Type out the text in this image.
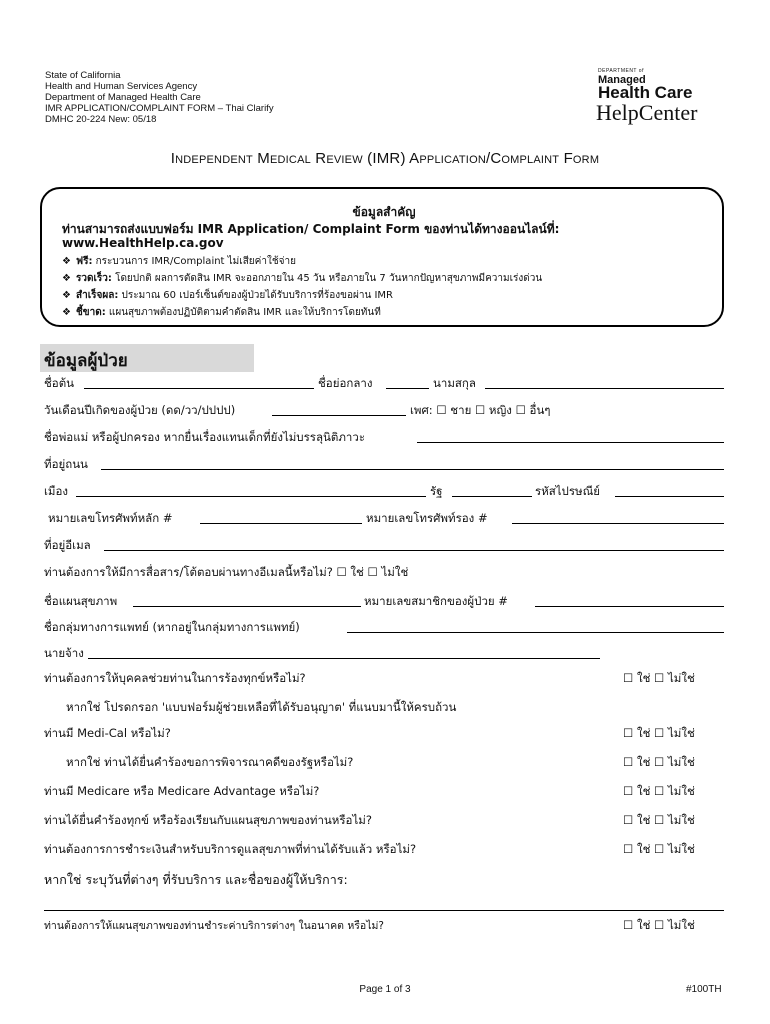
State of California
Health and Human Services Agency
Department of Managed Health Care
IMR APPLICATION/COMPLAINT FORM – Thai Clarify
DMHC 20-224 New: 05/18
DEPARTMENT of
Managed
Health Care
HelpCenter
Independent Medical Review (IMR) Application/Complaint Form
ข้อมูลสำคัญ
ท่านสามารถส่งแบบฟอร์ม IMR Application/ Complaint Form ของท่านได้ทางออนไลน์ที่:
www.HealthHelp.ca.gov
❖ ฟรี: กระบวนการ IMR/Complaint ไม่เสียค่าใช้จ่าย
❖ รวดเร็ว: โดยปกติ ผลการตัดสิน IMR จะออกภายใน 45 วัน หรือภายใน 7 วันหากปัญหาสุขภาพมีความเร่งด่วน
❖ สำเร็จผล: ประมาณ 60 เปอร์เซ็นต์ของผู้ป่วยได้รับบริการที่ร้องขอผ่าน IMR
❖ ชี้ขาด: แผนสุขภาพต้องปฏิบัติตามคำตัดสิน IMR และให้บริการโดยทันที
ข้อมูลผู้ป่วย
ชื่อต้น	ชื่อย่อกลาง	นามสกุล
วันเดือนปีเกิดของผู้ป่วย (ดด/วว/ปปปป)	เพศ: ☐ ชาย ☐ หญิง ☐ อื่นๆ
ชื่อพ่อแม่ หรือผู้ปกครอง หากยื่นเรื่องแทนเด็กที่ยังไม่บรรลุนิติภาวะ
ที่อยู่ถนน
เมือง	รัฐ	รหัสไปรษณีย์
หมายเลขโทรศัพท์หลัก #	หมายเลขโทรศัพท์รอง #
ที่อยู่อีเมล
ท่านต้องการให้มีการสื่อสาร/โต้ตอบผ่านทางอีเมลนี้หรือไม่? ☐ ใช่ ☐ ไม่ใช่
ชื่อแผนสุขภาพ	หมายเลขสมาชิกของผู้ป่วย #
ชื่อกลุ่มทางการแพทย์ (หากอยู่ในกลุ่มทางการแพทย์)
นายจ้าง
ท่านต้องการให้บุคคลช่วยท่านในการร้องทุกข์หรือไม่?	☐ ใช่ ☐ ไม่ใช่
หากใช่ โปรดกรอก 'แบบฟอร์มผู้ช่วยเหลือที่ได้รับอนุญาต' ที่แนบมานี้ให้ครบถ้วน
ท่านมี Medi-Cal หรือไม่?	☐ ใช่ ☐ ไม่ใช่
หากใช่ ท่านได้ยื่นคำร้องขอการพิจารณาคดีของรัฐหรือไม่?	☐ ใช่ ☐ ไม่ใช่
ท่านมี Medicare หรือ Medicare Advantage หรือไม่?	☐ ใช่ ☐ ไม่ใช่
ท่านได้ยื่นคำร้องทุกข์ หรือร้องเรียนกับแผนสุขภาพของท่านหรือไม่?	☐ ใช่ ☐ ไม่ใช่
ท่านต้องการการชำระเงินสำหรับบริการดูแลสุขภาพที่ท่านได้รับแล้ว หรือไม่?	☐ ใช่ ☐ ไม่ใช่
หากใช่ ระบุวันที่ต่างๆ ที่รับบริการ และชื่อของผู้ให้บริการ:
ท่านต้องการให้แผนสุขภาพของท่านชำระค่าบริการต่างๆ ในอนาคต หรือไม่?	☐ ใช่ ☐ ไม่ใช่
Page 1 of 3	#100TH
